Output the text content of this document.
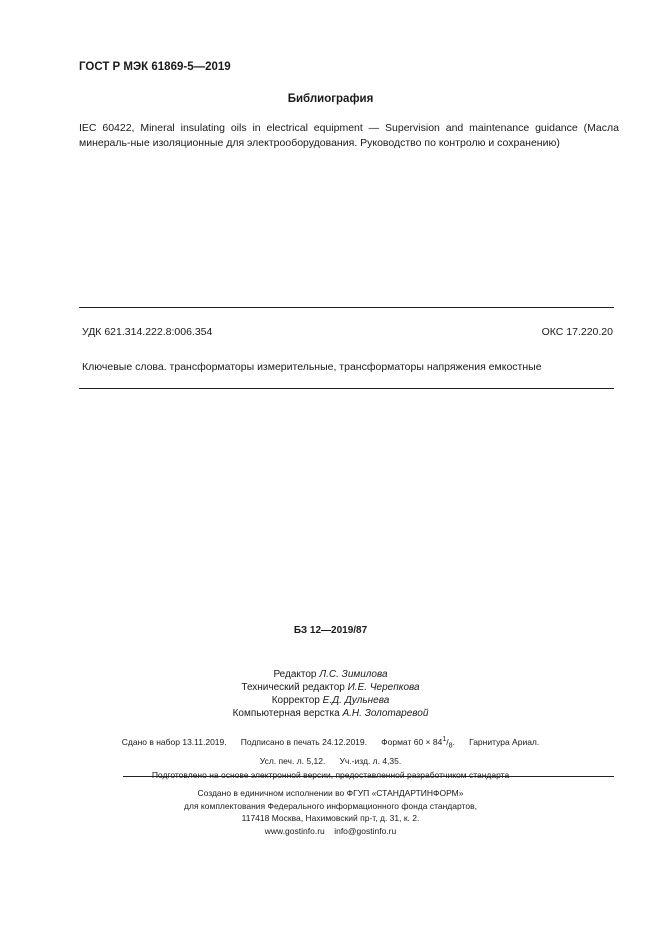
ГОСТ Р МЭК 61869-5—2019
Библиография
IEC 60422, Mineral insulating oils in electrical equipment — Supervision and maintenance guidance (Масла минераль-ные изоляционные для электрооборудования. Руководство по контролю и сохранению)
УДК 621.314.222.8:006.354	ОКС 17.220.20
Ключевые слова. трансформаторы измерительные, трансформаторы напряжения емкостные
БЗ 12—2019/87
Редактор Л.С. Зимилова
Технический редактор И.Е. Черепкова
Корректор Е.Д. Дульнева
Компьютерная верстка А.Н. Золотаревой
Сдано в набор 13.11.2019. Подписано в печать 24.12.2019. Формат $60 \times 84^1/_8$. Гарнитура Ариал.
Усл. печ. л. 5,12. Уч.-изд. л. 4,35.
Подготовлено на основе электронной версии, предоставленной разработчиком стандарта
Создано в единичном исполнении во ФГУП «СТАНДАРТИНФОРМ»
для комплектования Федерального информационного фонда стандартов,
117418 Москва, Нахимовский пр-т, д. 31, к. 2.
www.gostinfo.ru info@gostinfo.ru
